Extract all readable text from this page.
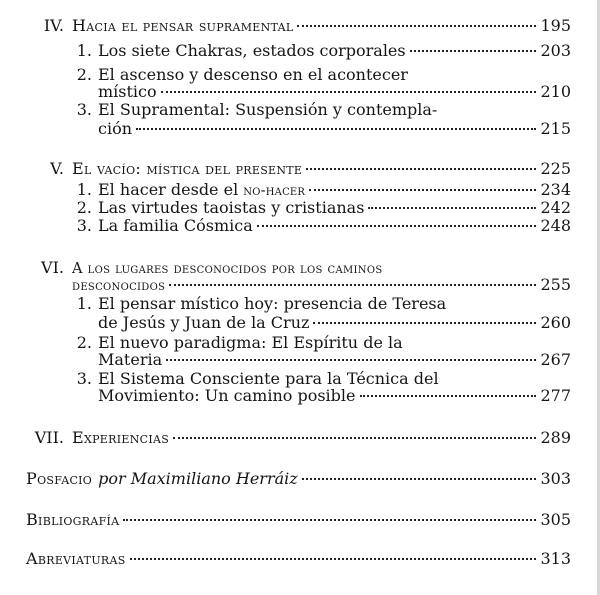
IV. Hacia el pensar supramental	195
1. Los siete Chakras, estados corporales	203
2. El ascenso y descenso en el acontecer
místico	210
3. El Supramental: Suspensión y contempla-
ción	215
V. El vacío: mística del presente	225
1. El hacer desde el no-hacer	234
2. Las virtudes taoistas y cristianas	242
3. La familia Cósmica	248
VI. A los lugares desconocidos por los caminos
desconocidos	255
1. El pensar místico hoy: presencia de Teresa
de Jesús y Juan de la Cruz	260
2. El nuevo paradigma: El Espíritu de la
Materia	267
3. El Sistema Consciente para la Técnica del
Movimiento: Un camino posible	277
VII. Experiencias	289
Posfacio por Maximiliano Herráiz	303
Bibliografía	305
Abreviaturas	313
